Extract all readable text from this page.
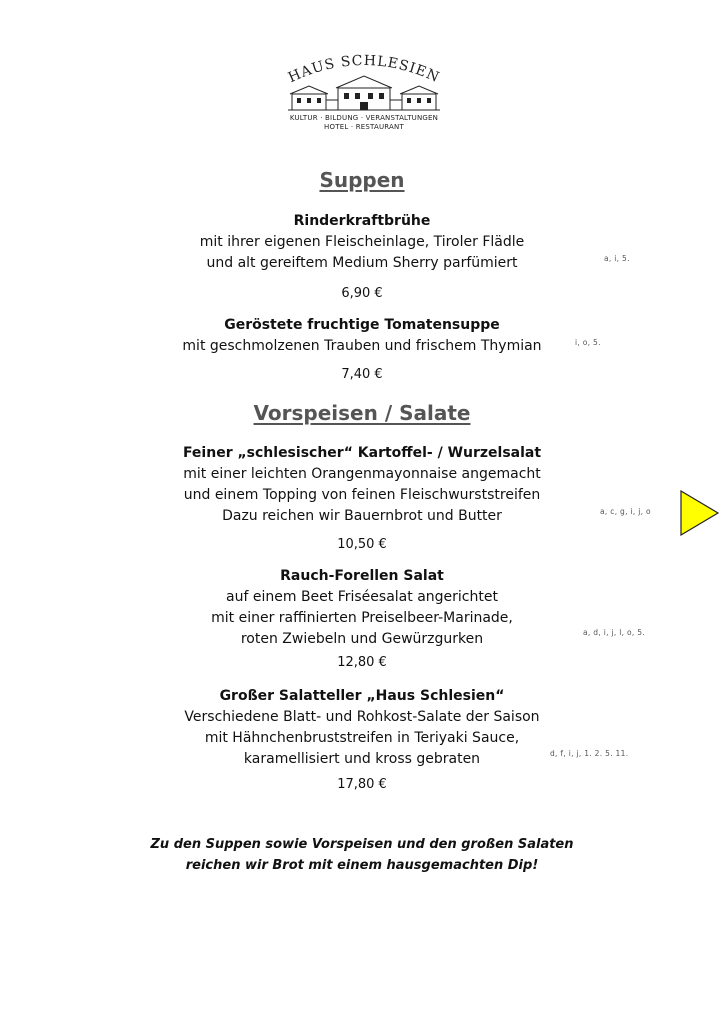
HAUS SCHLESIEN
KULTUR · BILDUNG · VERANSTALTUNGEN
HOTEL · RESTAURANT
Suppen
Rinderkraftbrühe
mit ihrer eigenen Fleischeinlage, Tiroler Flädle
und alt gereiftem Medium Sherry parfümiert	a, i, 5.
6,90 €
Geröstete fruchtige Tomatensuppe
mit geschmolzenen Trauben und frischem Thymian	i, o, 5.
7,40 €
Vorspeisen / Salate
Feiner „schlesischer“ Kartoffel- / Wurzelsalat
mit einer leichten Orangenmayonnaise angemacht
und einem Topping von feinen Fleischwurststreifen
Dazu reichen wir Bauernbrot und Butter	a, c, g, i, j, o
10,50 €
Rauch-Forellen Salat
auf einem Beet Friséesalat angerichtet
mit einer raffinierten Preiselbeer-Marinade,
roten Zwiebeln und Gewürzgurken	a, d, i, j, l, o, 5.
12,80 €
Großer Salatteller „Haus Schlesien“
Verschiedene Blatt- und Rohkost-Salate der Saison
mit Hähnchenbruststreifen in Teriyaki Sauce,
karamellisiert und kross gebraten	d, f, i, j, 1. 2. 5. 11.
17,80 €
Zu den Suppen sowie Vorspeisen und den großen Salaten
reichen wir Brot mit einem hausgemachten Dip!
